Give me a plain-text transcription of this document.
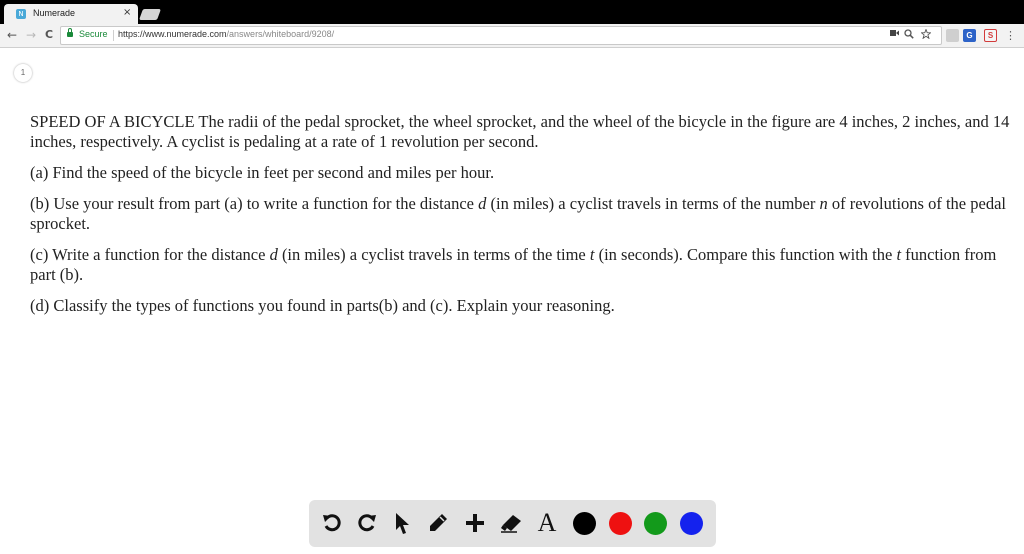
N Numerade	×
← → C	Secure https://www.numerade.com/answers/whiteboard/9208/	G	S	⋮
1

SPEED OF A BICYCLE The radii of the pedal sprocket, the wheel sprocket, and the wheel of the bicycle in the figure are 4 inches, 2 inches, and 14 inches, respectively. A cyclist is pedaling at a rate of 1 revolution per second.

(a) Find the speed of the bicycle in feet per second and miles per hour.

(b) Use your result from part (a) to write a function for the distance d (in miles) a cyclist travels in terms of the number n of revolutions of the pedal sprocket.

(c) Write a function for the distance d (in miles) a cyclist travels in terms of the time t (in seconds). Compare this function with the t function from part (b).

(d) Classify the types of functions you found in parts(b) and (c). Explain your reasoning.

A
